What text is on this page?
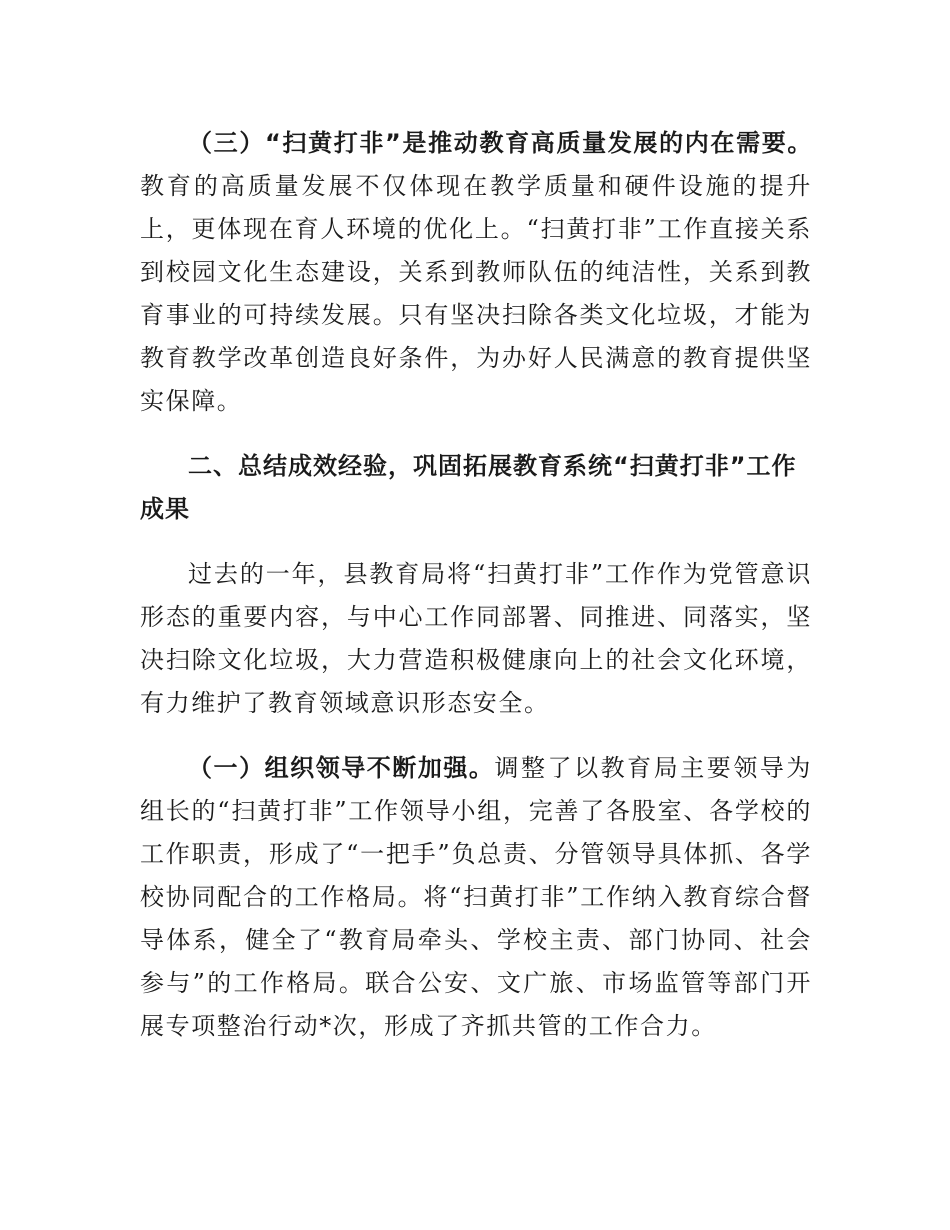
（三）“扫黄打非”是推动教育高质量发展的内在需要。教育的高质量发展不仅体现在教学质量和硬件设施的提升上，更体现在育人环境的优化上。“扫黄打非”工作直接关系到校园文化生态建设，关系到教师队伍的纯洁性，关系到教育事业的可持续发展。只有坚决扫除各类文化垃圾，才能为教育教学改革创造良好条件，为办好人民满意的教育提供坚实保障。

二、总结成效经验，巩固拓展教育系统“扫黄打非”工作成果

过去的一年，县教育局将“扫黄打非”工作作为党管意识形态的重要内容，与中心工作同部署、同推进、同落实，坚决扫除文化垃圾，大力营造积极健康向上的社会文化环境，有力维护了教育领域意识形态安全。

（一）组织领导不断加强。调整了以教育局主要领导为组长的“扫黄打非”工作领导小组，完善了各股室、各学校的工作职责，形成了“一把手”负总责、分管领导具体抓、各学校协同配合的工作格局。将“扫黄打非”工作纳入教育综合督导体系，健全了“教育局牵头、学校主责、部门协同、社会参与”的工作格局。联合公安、文广旅、市场监管等部门开展专项整治行动*次，形成了齐抓共管的工作合力。
